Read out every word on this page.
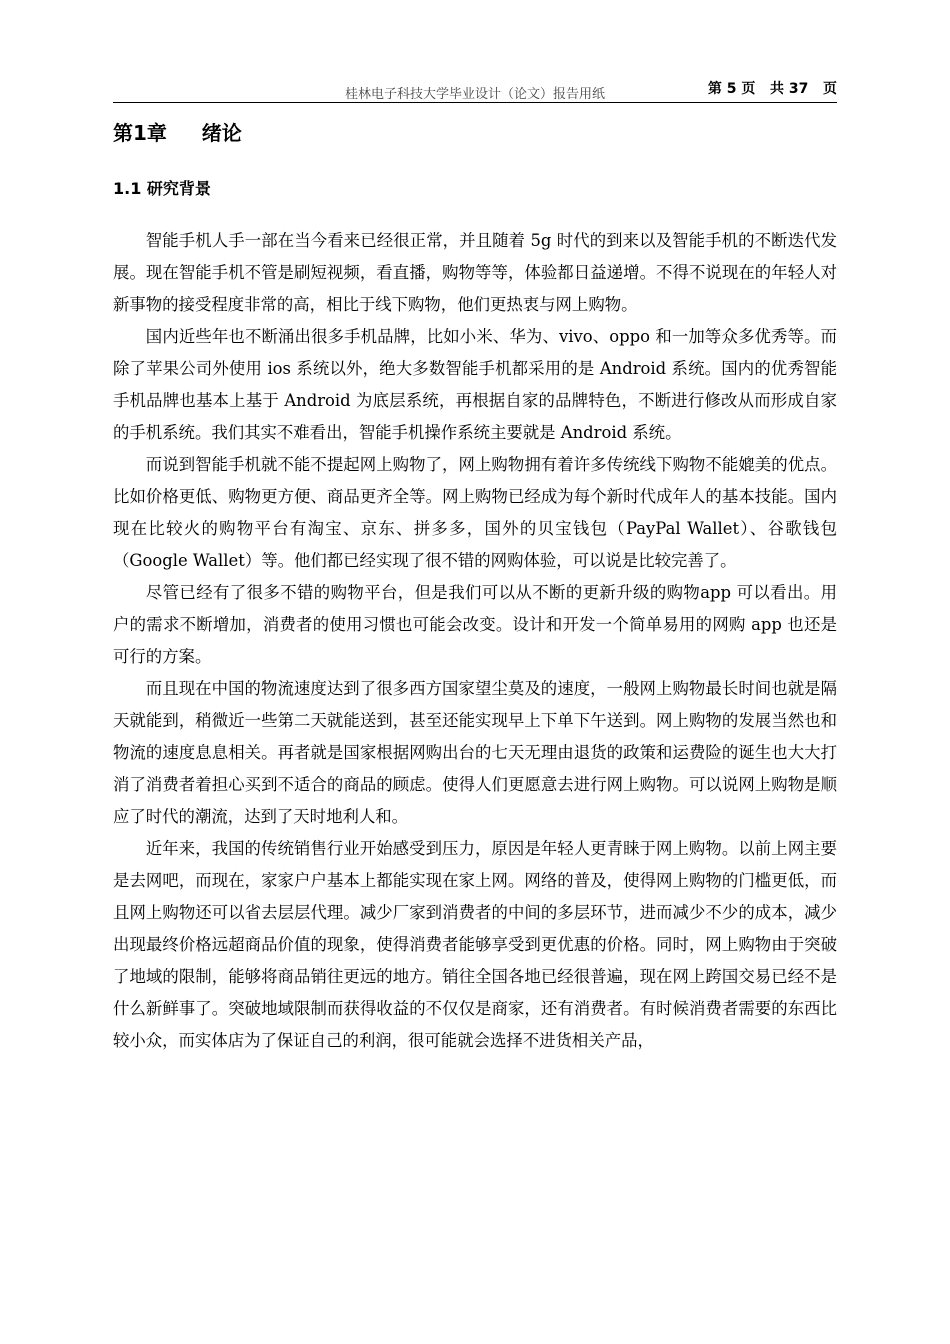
桂林电子科技大学毕业设计（论文）报告用纸	第 5 页   共 37   页
第1章     绪论
1.1 研究背景

智能手机人手一部在当今看来已经很正常，并且随着 5g 时代的到来以及智能手机的不断迭代发展。现在智能手机不管是刷短视频，看直播，购物等等，体验都日益递增。不得不说现在的年轻人对新事物的接受程度非常的高，相比于线下购物，他们更热衷与网上购物。

国内近些年也不断涌出很多手机品牌，比如小米、华为、vivo、oppo 和一加等众多优秀等。而除了苹果公司外使用 ios 系统以外，绝大多数智能手机都采用的是 Android 系统。国内的优秀智能手机品牌也基本上基于 Android 为底层系统，再根据自家的品牌特色，不断进行修改从而形成自家的手机系统。我们其实不难看出，智能手机操作系统主要就是 Android 系统。

而说到智能手机就不能不提起网上购物了，网上购物拥有着许多传统线下购物不能媲美的优点。比如价格更低、购物更方便、商品更齐全等。网上购物已经成为每个新时代成年人的基本技能。国内现在比较火的购物平台有淘宝、京东、拼多多，国外的贝宝钱包（PayPal Wallet）、谷歌钱包（Google Wallet）等。他们都已经实现了很不错的网购体验，可以说是比较完善了。

尽管已经有了很多不错的购物平台，但是我们可以从不断的更新升级的购物app 可以看出。用户的需求不断增加，消费者的使用习惯也可能会改变。设计和开发一个简单易用的网购 app 也还是可行的方案。

而且现在中国的物流速度达到了很多西方国家望尘莫及的速度，一般网上购物最长时间也就是隔天就能到，稍微近一些第二天就能送到，甚至还能实现早上下单下午送到。网上购物的发展当然也和物流的速度息息相关。再者就是国家根据网购出台的七天无理由退货的政策和运费险的诞生也大大打消了消费者着担心买到不适合的商品的顾虑。使得人们更愿意去进行网上购物。可以说网上购物是顺应了时代的潮流，达到了天时地利人和。

近年来，我国的传统销售行业开始感受到压力，原因是年轻人更青睐于网上购物。以前上网主要是去网吧，而现在，家家户户基本上都能实现在家上网。网络的普及，使得网上购物的门槛更低，而且网上购物还可以省去层层代理。减少厂家到消费者的中间的多层环节，进而减少不少的成本，减少出现最终价格远超商品价值的现象，使得消费者能够享受到更优惠的价格。同时，网上购物由于突破了地域的限制，能够将商品销往更远的地方。销往全国各地已经很普遍，现在网上跨国交易已经不是什么新鲜事了。突破地域限制而获得收益的不仅仅是商家，还有消费者。有时候消费者需要的东西比较小众，而实体店为了保证自己的利润，很可能就会选择不进货相关产品，
